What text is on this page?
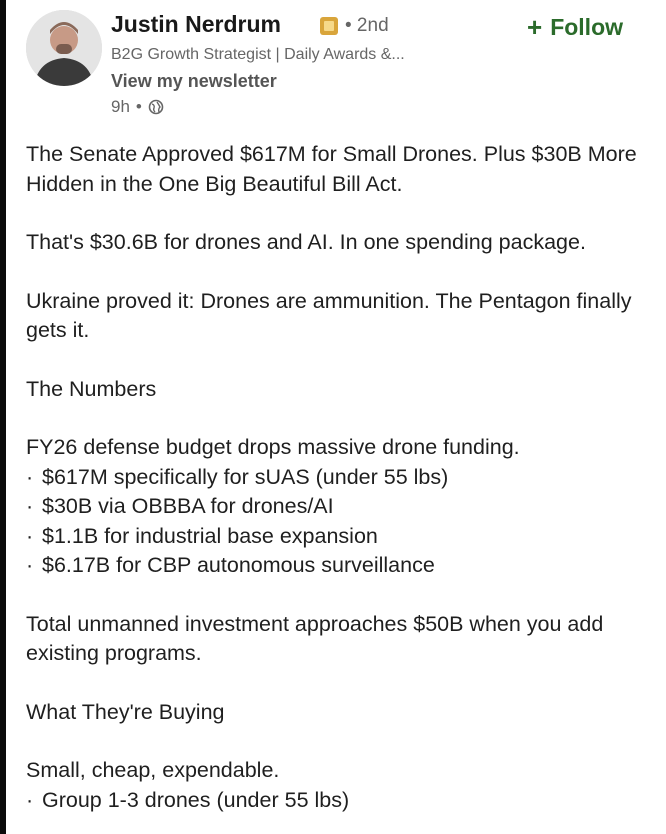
Justin Nerdrum	• 2nd	+ Follow
B2G Growth Strategist | Daily Awards &...
View my newsletter
9h •

The Senate Approved $617M for Small Drones. Plus $30B More Hidden in the One Big Beautiful Bill Act.

That's $30.6B for drones and AI. In one spending package.

Ukraine proved it: Drones are ammunition. The Pentagon finally gets it.

The Numbers

FY26 defense budget drops massive drone funding.

· $617M specifically for sUAS (under 55 lbs)

· $30B via OBBBA for drones/AI

· $1.1B for industrial base expansion

· $6.17B for CBP autonomous surveillance

Total unmanned investment approaches $50B when you add existing programs.

What They're Buying

Small, cheap, expendable.

· Group 1-3 drones (under 55 lbs)
